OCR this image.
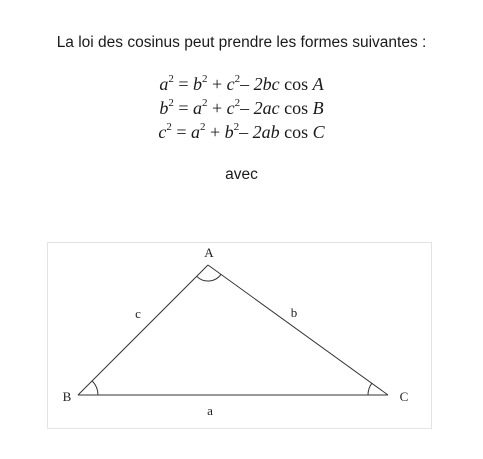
La loi des cosinus peut prendre les formes suivantes :
$a^2 = b^2 + c^2-$ 2bc cos A
$b^2 = a^2 + c^2-$ 2ac cos B
$c^2 = a^2 + b^2-$ 2ab cos C
avec
A
B	C
c	b
a
